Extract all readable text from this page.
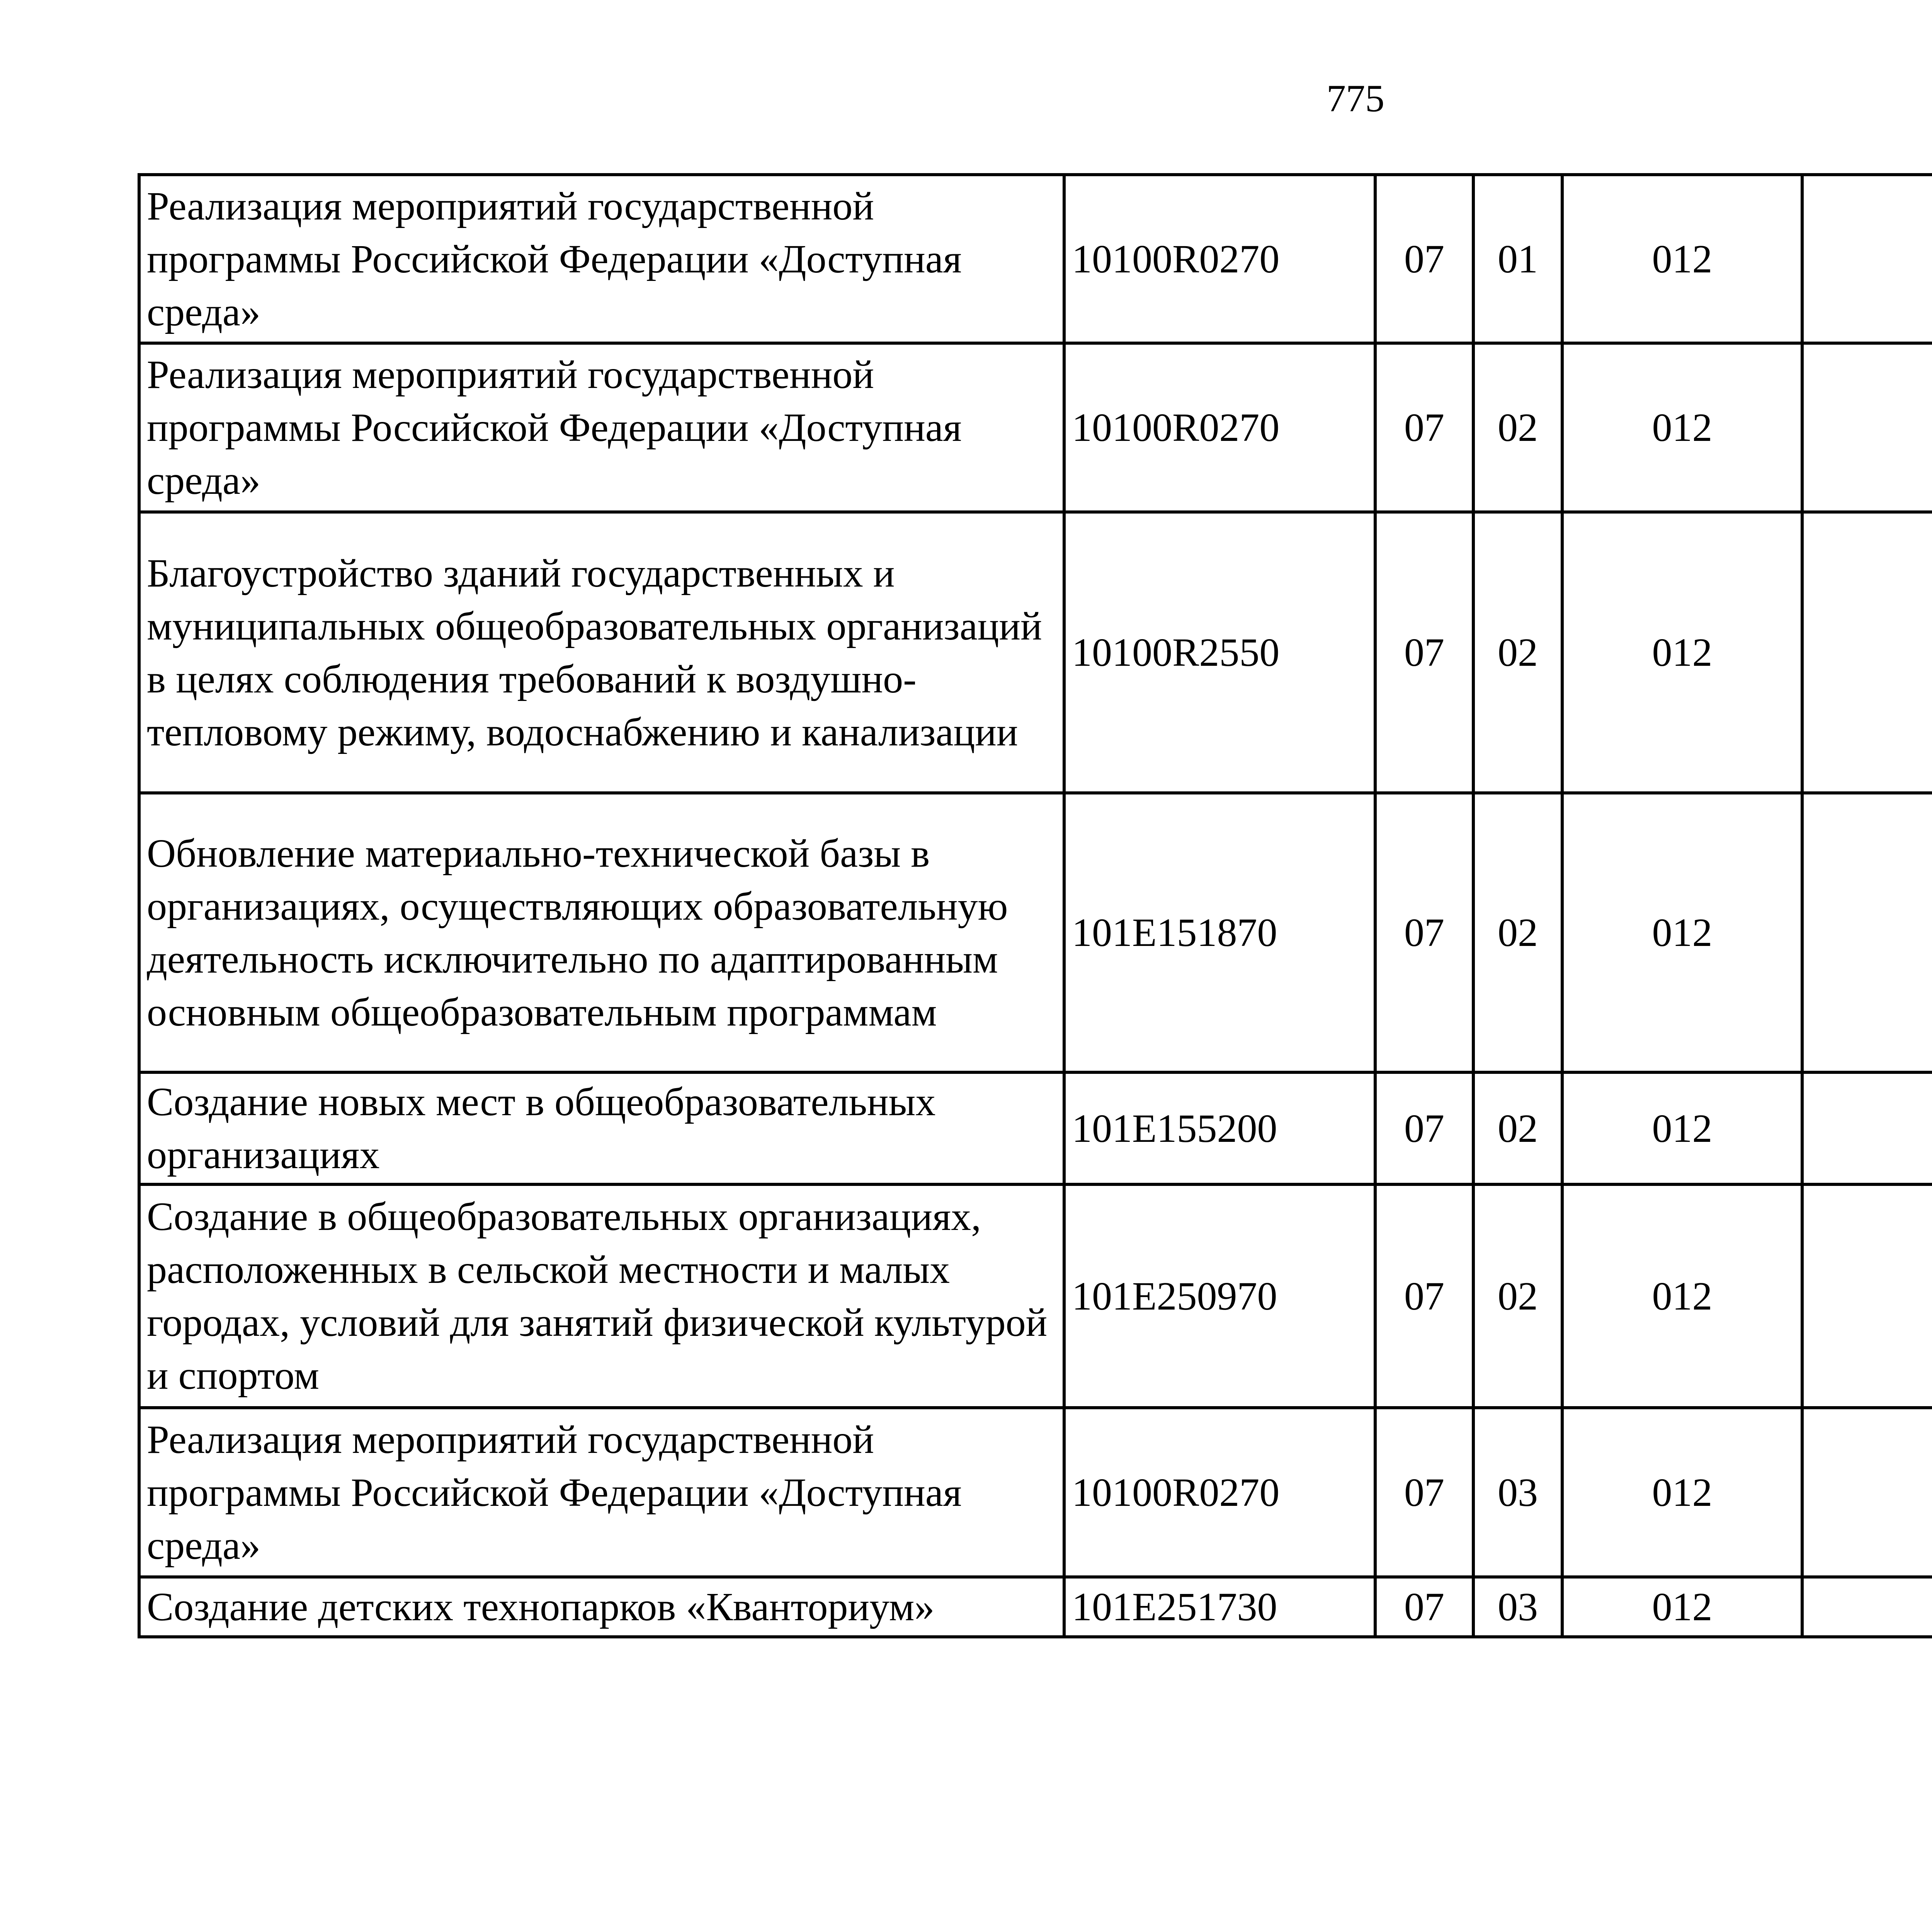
775
Реализация мероприятий государственной программы Российской Федерации «Доступная среда»	10100R0270	07	01	012			
Реализация мероприятий государственной программы Российской Федерации «Доступная среда»	10100R0270	07	02	012			
Благоустройство зданий государственных и муниципальных общеобразовательных организаций в целях соблюдения требований к воздушно-тепловому режиму, водоснабжению и канализации	10100R2550	07	02	012			
Обновление материально-технической базы в организациях, осуществляющих образовательную деятельность исключительно по адаптированным основным общеобразовательным программам	101E151870	07	02	012			
Создание новых мест в общеобразовательных организациях	101E155200	07	02	012			
Создание в общеобразовательных организациях, расположенных в сельской местности и малых городах, условий для занятий физической культурой и спортом	101E250970	07	02	012			
Реализация мероприятий государственной программы Российской Федерации «Доступная среда»	10100R0270	07	03	012			
Создание детских технопарков «Кванториум»	101E251730	07	03	012			
